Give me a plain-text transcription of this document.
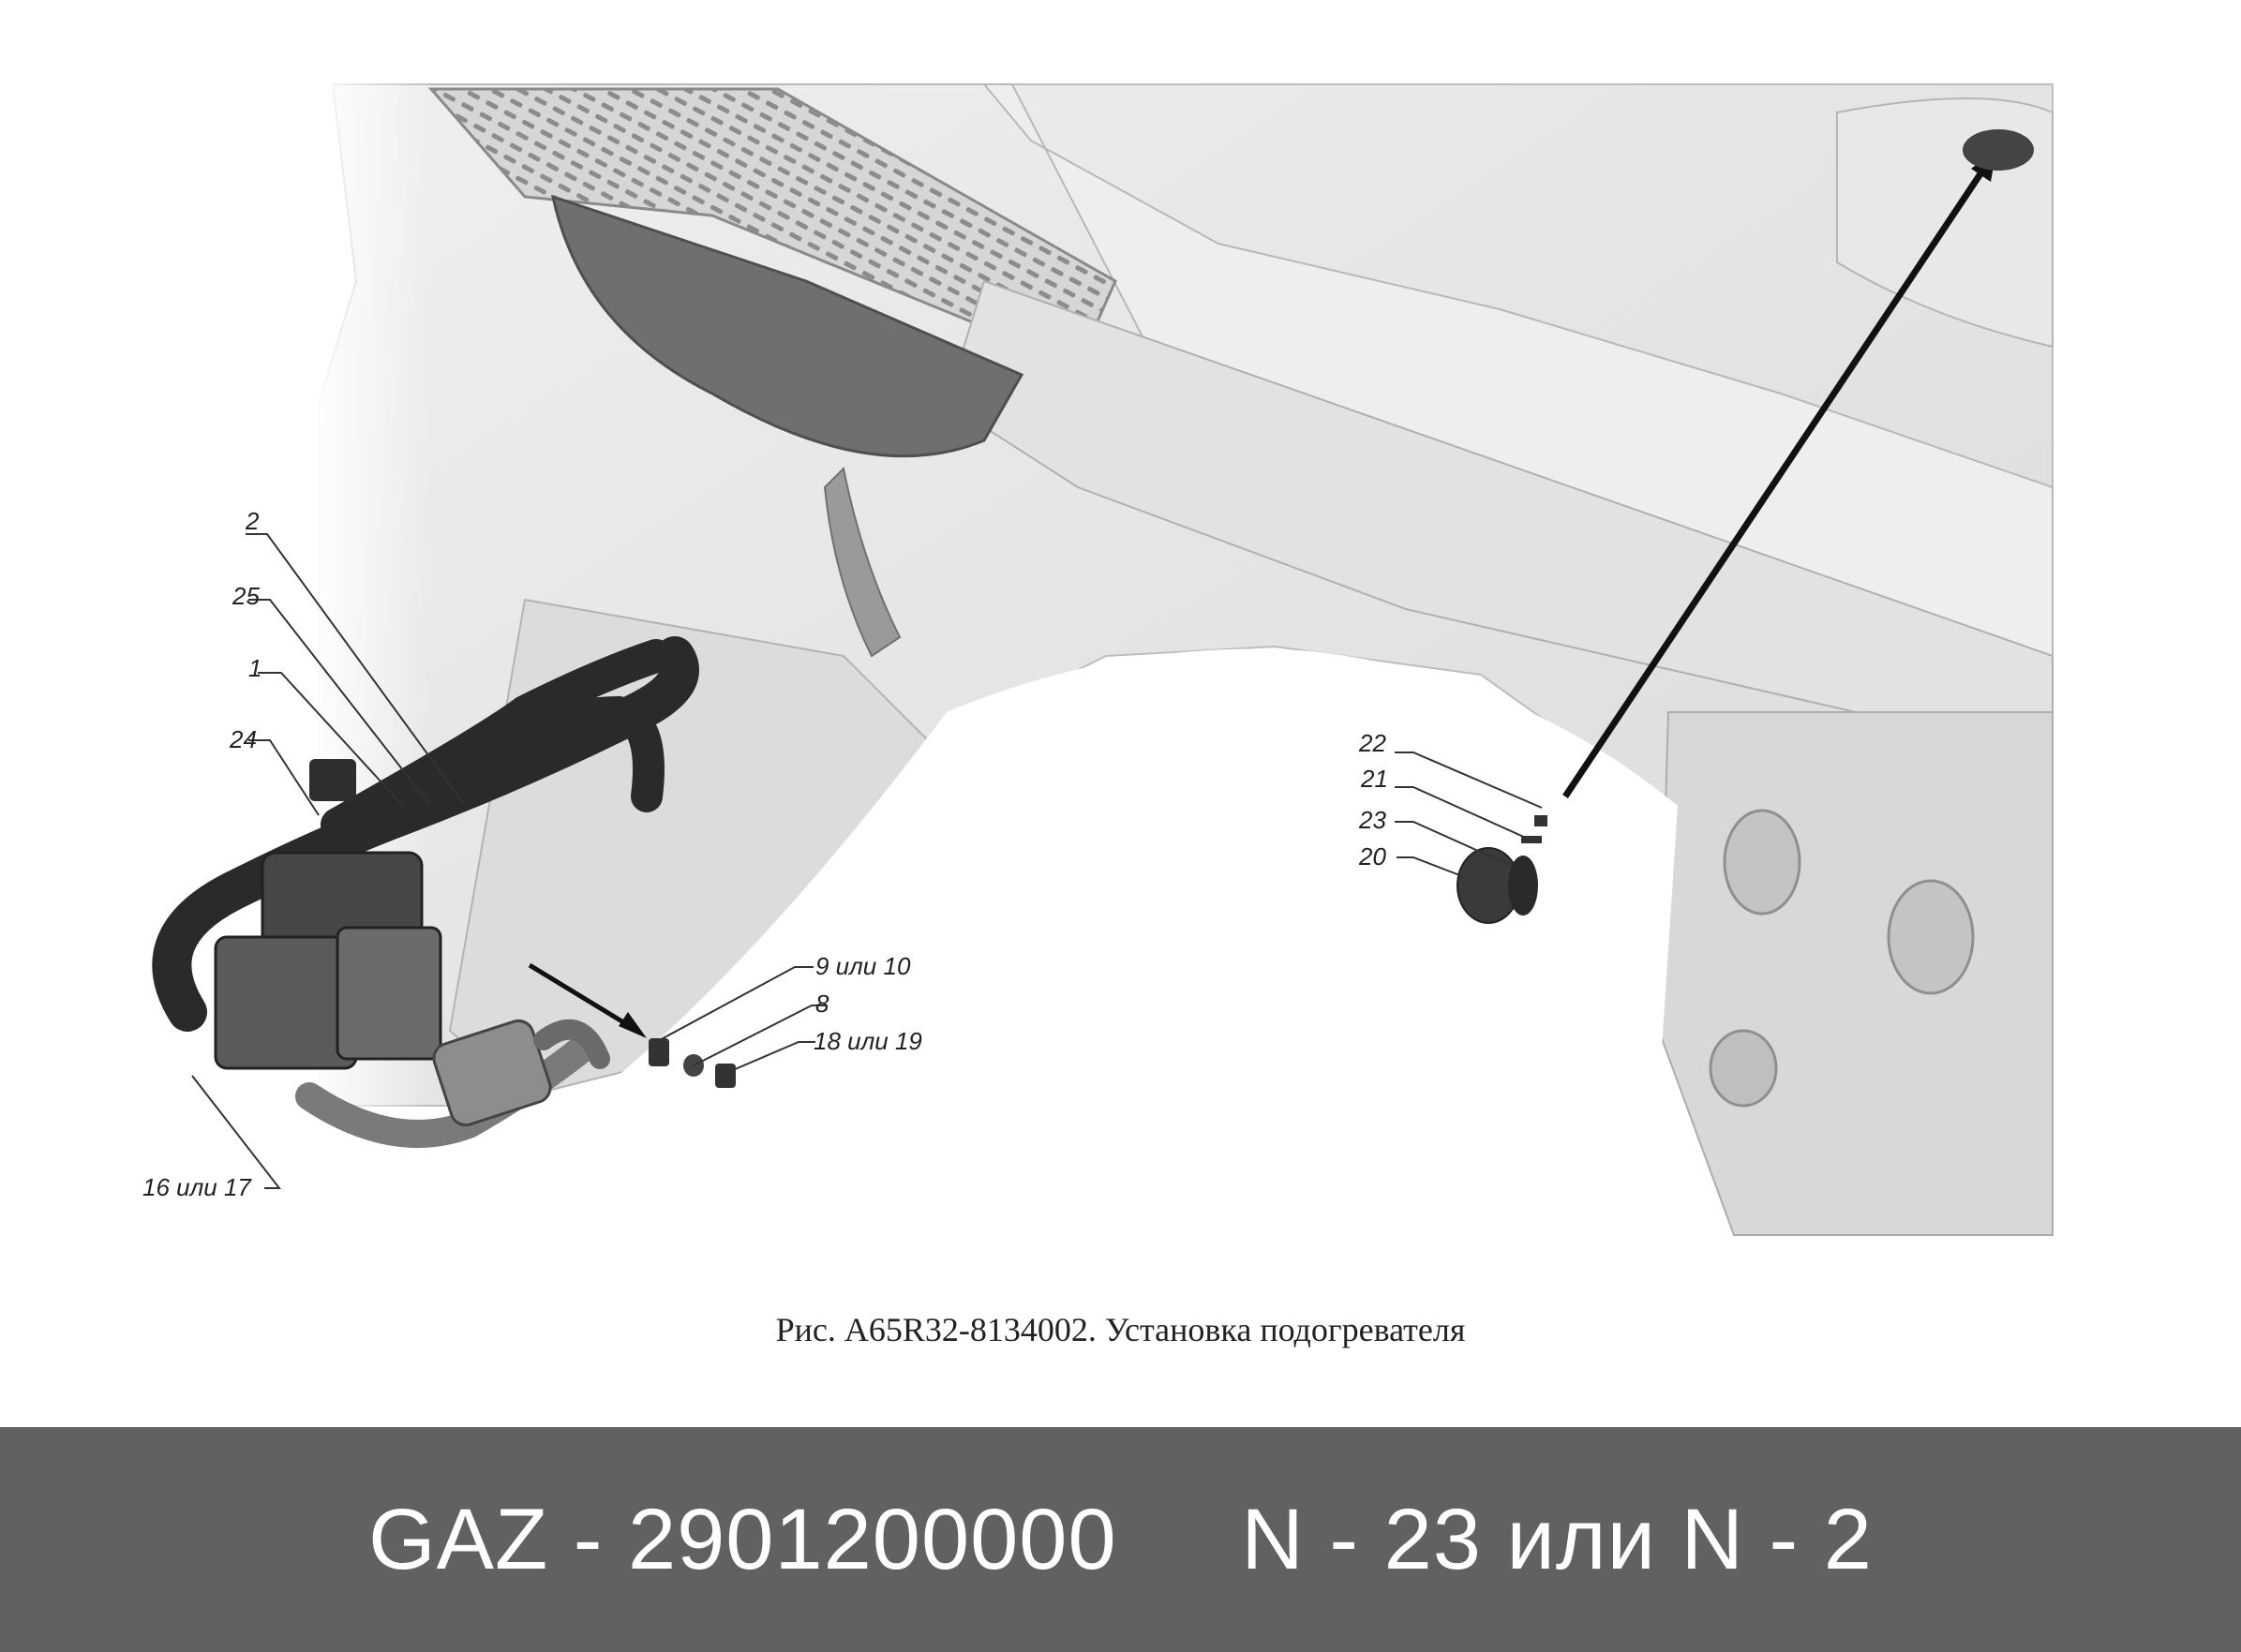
2
25
1
24
16 или 17
9 или 10
8
18 или 19
22
21
23
20
Рис. А65R32-8134002. Установка подогревателя
GAZ - 2901200000     N - 23 или N - 2
